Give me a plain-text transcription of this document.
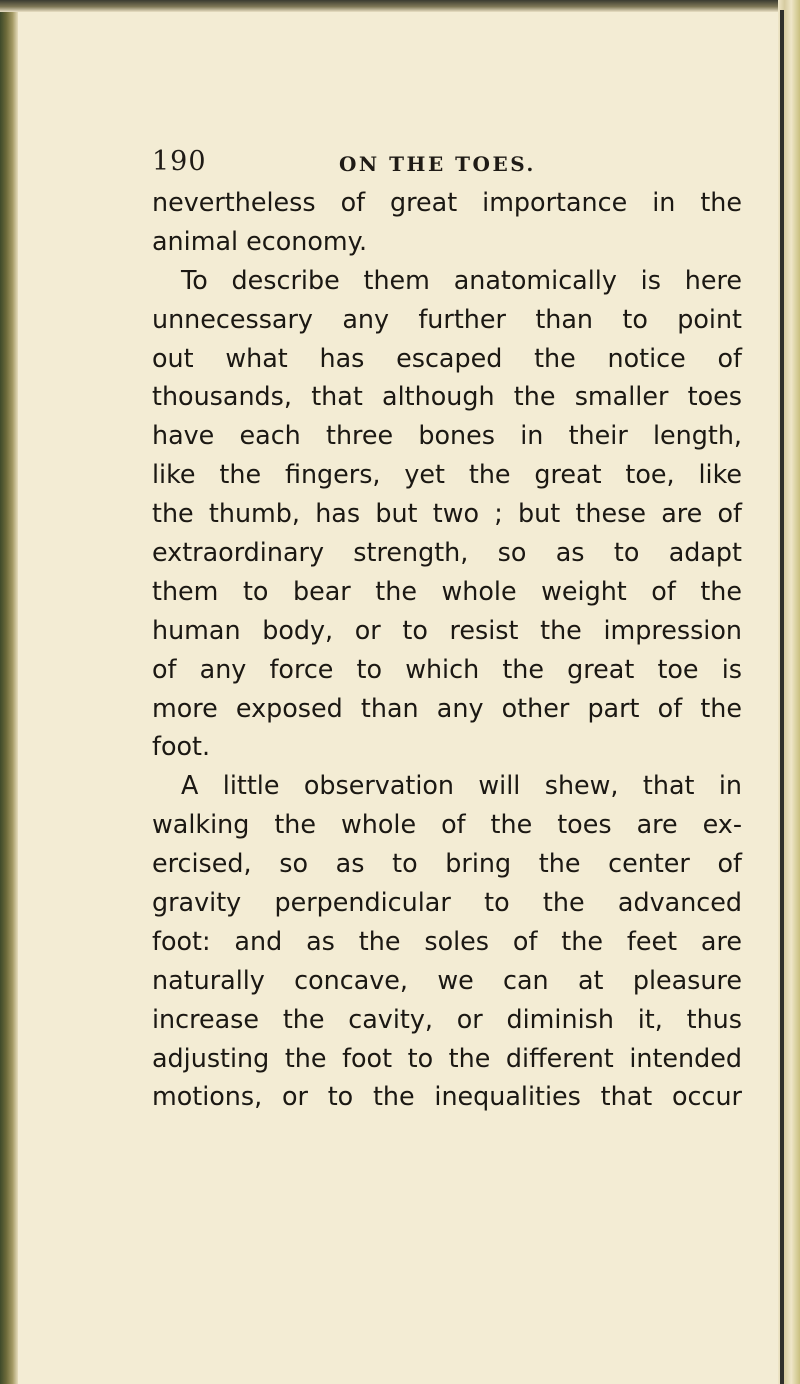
190	ON THE TOES.
nevertheless of great importance in the
animal economy.
To describe them anatomically is here
unnecessary any further than to point
out what has escaped the notice of
thousands, that although the smaller toes
have each three bones in their length,
like the fingers, yet the great toe, like
the thumb, has but two ; but these are of
extraordinary strength, so as to adapt
them to bear the whole weight of the
human body, or to resist the impression
of any force to which the great toe is
more exposed than any other part of the
foot.
A little observation will shew, that in
walking the whole of the toes are ex-
ercised, so as to bring the center of
gravity perpendicular to the advanced
foot: and as the soles of the feet are
naturally concave, we can at pleasure
increase the cavity, or diminish it, thus
adjusting the foot to the different intended
motions, or to the inequalities that occur
